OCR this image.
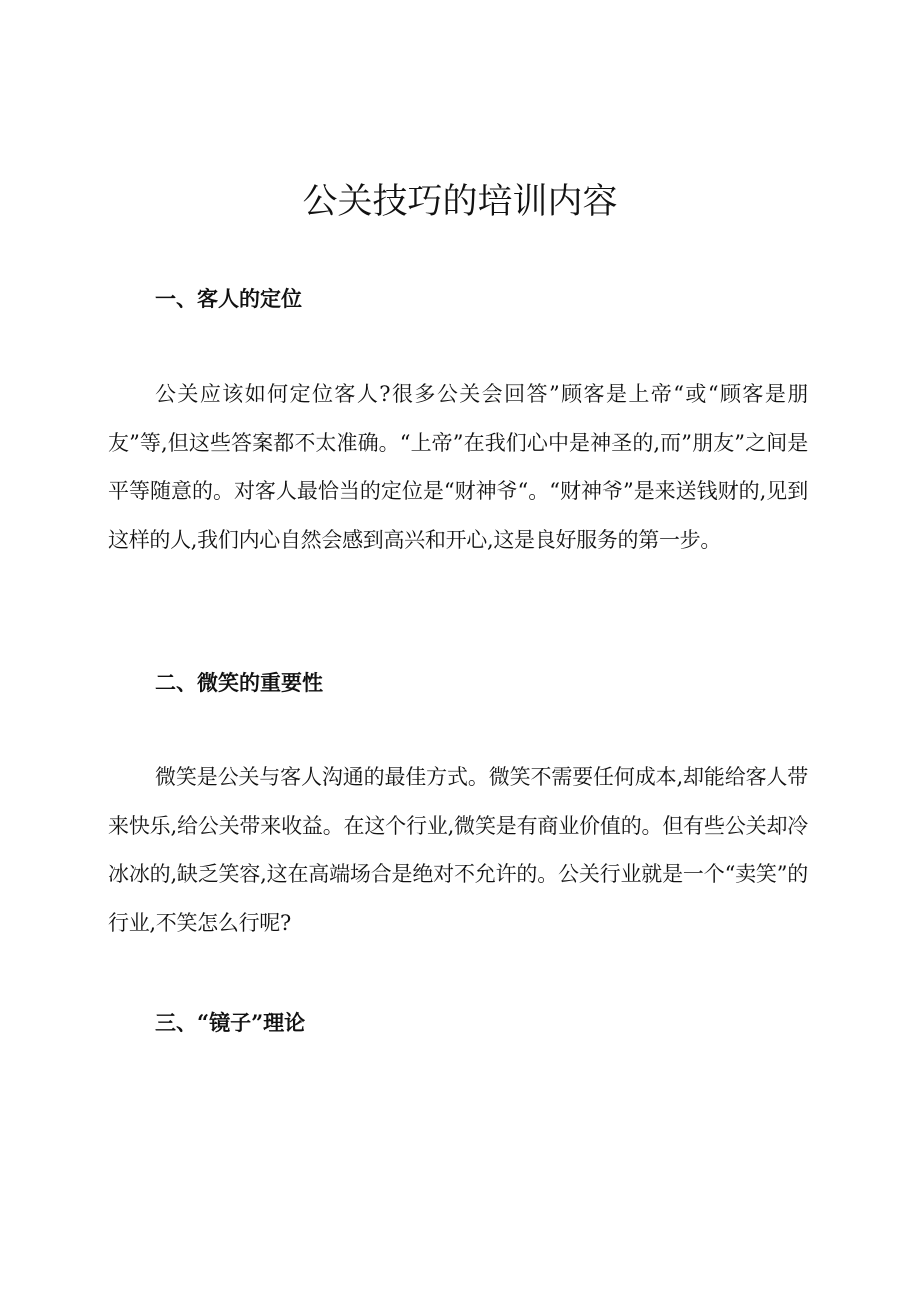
公关技巧的培训内容
一、客人的定位

公关应该如何定位客人?很多公关会回答”顾客是上帝“或“顾客是朋友”等,但这些答案都不太准确。“上帝”在我们心中是神圣的,而”朋友”之间是平等随意的。对客人最恰当的定位是“财神爷“。“财神爷”是来送钱财的,见到这样的人,我们内心自然会感到高兴和开心,这是良好服务的第一步。

二、微笑的重要性

微笑是公关与客人沟通的最佳方式。微笑不需要任何成本,却能给客人带来快乐,给公关带来收益。在这个行业,微笑是有商业价值的。但有些公关却冷冰冰的,缺乏笑容,这在高端场合是绝对不允许的。公关行业就是一个“卖笑”的行业,不笑怎么行呢?

三、“镜子”理论
